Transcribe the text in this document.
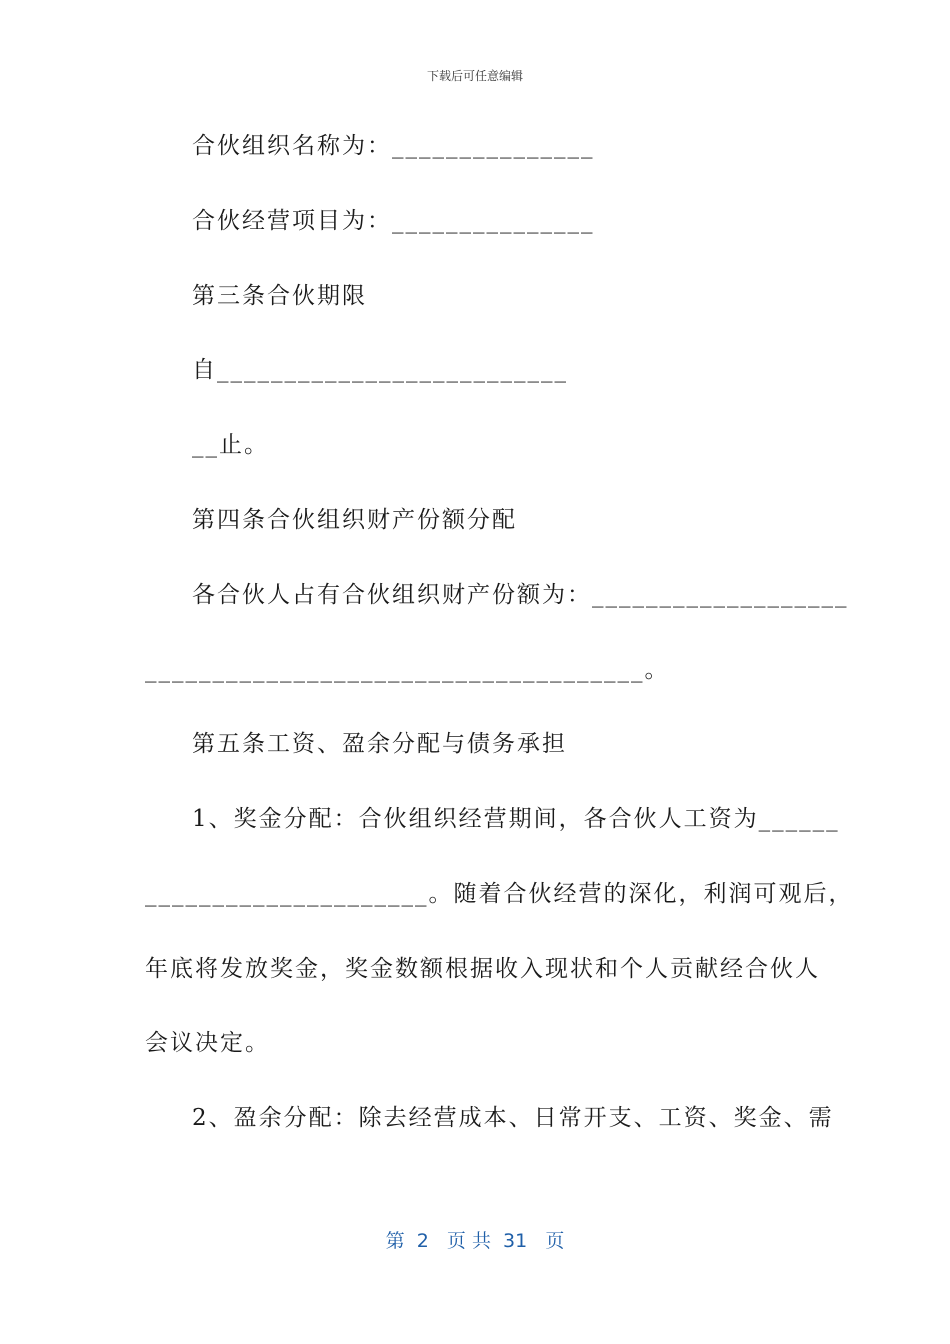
下载后可任意编辑
合伙组织名称为：_______________
合伙经营项目为：_______________
第三条合伙期限
自__________________________
__止。
第四条合伙组织财产份额分配
各合伙人占有合伙组织财产份额为：___________________
_____________________________________。
第五条工资、盈余分配与债务承担
1、奖金分配：合伙组织经营期间，各合伙人工资为______
_____________________。随着合伙经营的深化，利润可观后，
年底将发放奖金，奖金数额根据收入现状和个人贡献经合伙人
会议决定。
2、盈余分配：除去经营成本、日常开支、工资、奖金、需
第  2   页 共  31   页
